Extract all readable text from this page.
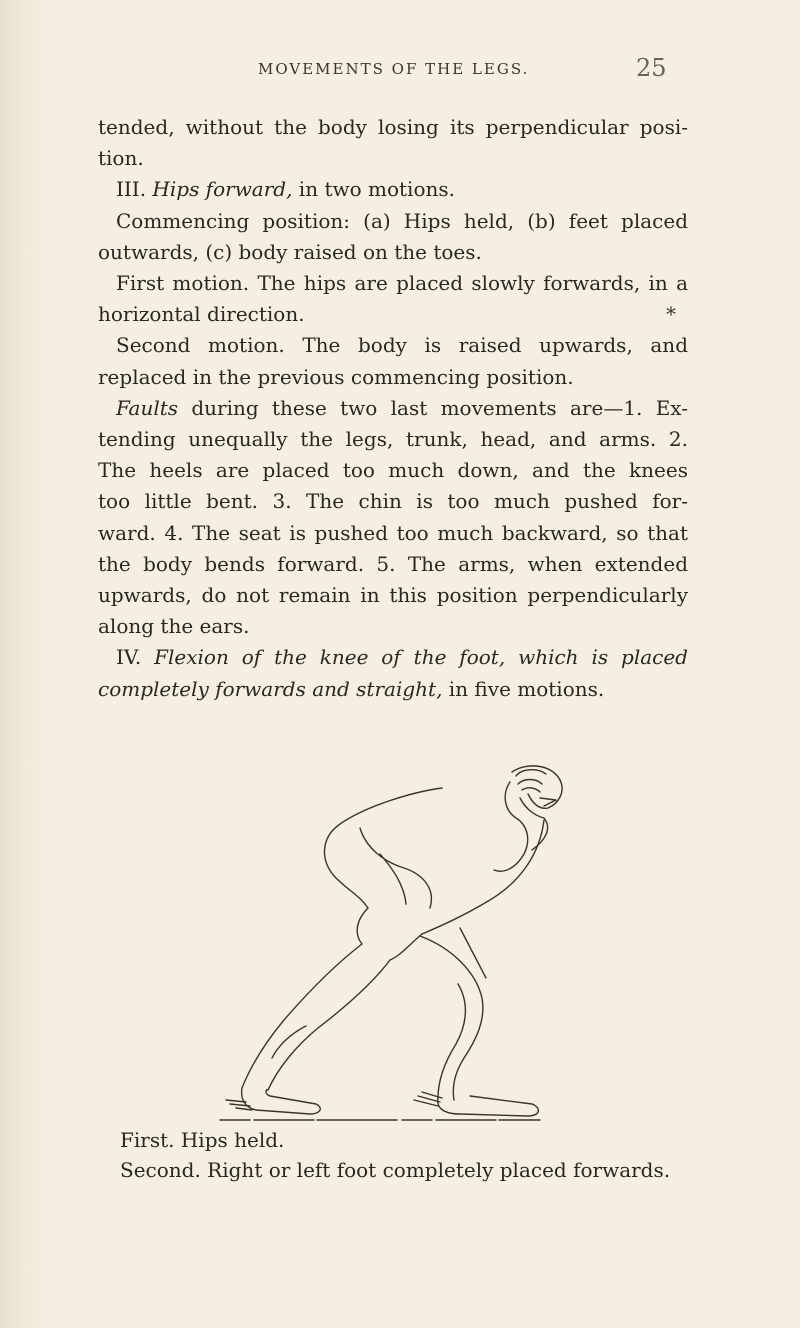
MOVEMENTS OF THE LEGS.	25

tended, without the body losing its perpendicular posi-

tion.

III. Hips forward, in two motions.

Commencing position: (a) Hips held, (b) feet placed

outwards, (c) body raised on the toes.

First motion. The hips are placed slowly forwards, in a

horizontal direction.

Second motion. The body is raised upwards, and

replaced in the previous commencing position.

Faults during these two last movements are—1. Ex-

tending unequally the legs, trunk, head, and arms. 2.

The heels are placed too much down, and the knees

too little bent. 3. The chin is too much pushed for-

ward. 4. The seat is pushed too much backward, so that

the body bends forward. 5. The arms, when extended

upwards, do not remain in this position perpendicularly

along the ears.

IV. Flexion of the knee of the foot, which is placed

completely forwards and straight, in five motions.

*

First. Hips held.

Second. Right or left foot completely placed forwards.
